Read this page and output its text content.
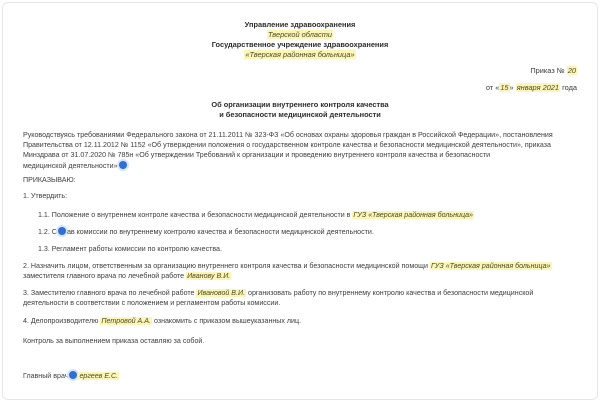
Управление здравоохранения
Тверской области
Государственное учреждение здравоохранения
«Тверская районная больница»
Приказ № 20
от «15» января 2021 года
Об организации внутреннего контроля качества
и безопасности медицинской деятельности
Руководствуясь требованиями Федерального закона от 21.11.2011 № 323-ФЗ «Об основах охраны здоровья граждан в Российской Федерации», постановления
Правительства от 12.11.2012 № 1152 «Об утверждении положения о государственном контроле качества и безопасности медицинской деятельности», приказа
Минздрава от 31.07.2020 № 785н «Об утверждении Требований к организации и проведению внутреннего контроля качества и безопасности
медицинской деятельности»
ПРИКАЗЫВАЮ:
1. Утвердить:
1.1. Положение о внутреннем контроле качества и безопасности медицинской деятельности в ГУЗ «Тверская районная больница»
1.2. С ав комиссии по внутреннему контролю качества и безопасности медицинской деятельности.
1.3. Регламент работы комиссии по контролю качества.
2. Назначить лицом, ответственным за организацию внутреннего контроля качества и безопасности медицинской помощи ГУЗ «Тверская районная больница»
заместителя главного врача по лечебной работе Иванову В.И.
3. Заместителю главного врача по лечебной работе Ивановой В.И. организовать работу по внутреннему контролю качества и безопасности медицинской
деятельности в соответствии с положением и регламентом работы комиссии.
4. Делопроизводителю Петровой А.А. ознакомить с приказом вышеуказанных лиц.
Контроль за выполнением приказа оставляю за собой.
Главный врач ергеев Е.С.
